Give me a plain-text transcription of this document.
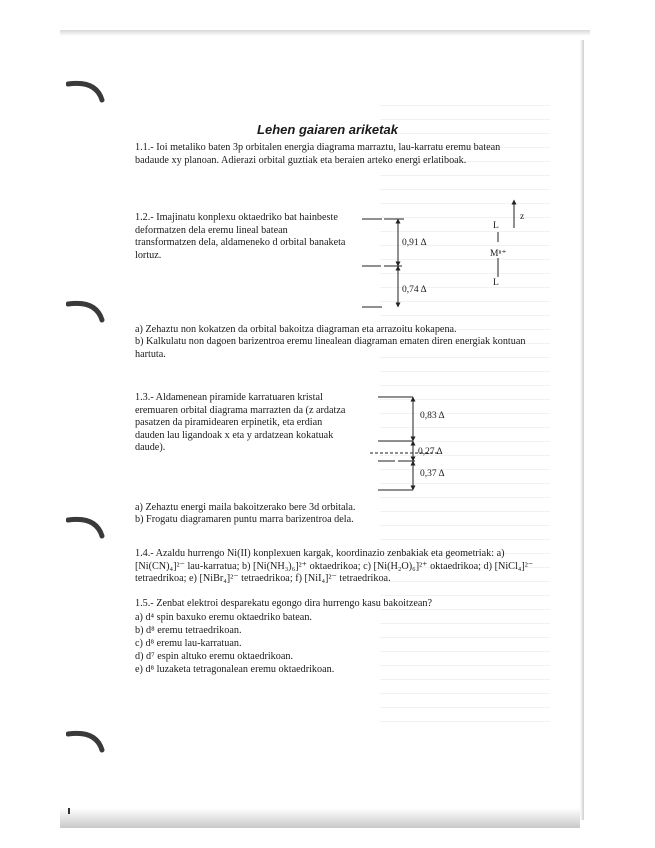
Lehen gaiaren ariketak

1.1.- Ioi metaliko baten 3p orbitalen energia diagrama marraztu, lau-karratu eremu batean badaude xy planoan. Adierazi orbital guztiak eta beraien arteko energi erlatiboak.

1.2.- Imajinatu konplexu oktaedriko bat hainbeste deformatzen dela eremu lineal batean transformatzen dela, aldameneko d orbital banaketa lortuz.

0,91 Δ
0,74 Δ
z
L
Mⁿ⁺
L

a) Zehaztu non kokatzen da orbital bakoitza diagraman eta arrazoitu kokapena.

b) Kalkulatu non dagoen barizentroa eremu linealean diagraman ematen diren energiak kontuan hartuta.

1.3.- Aldamenean piramide karratuaren kristal eremuaren orbital diagrama marrazten da (z ardatza pasatzen da piramidearen erpinetik, eta erdian dauden lau ligandoak x eta y ardatzean kokatuak daude).

0,83 Δ
0,27 Δ
0,37 Δ

a) Zehaztu energi maila bakoitzerako bere 3d orbitala.

b) Frogatu diagramaren puntu marra barizentroa dela.

1.4.- Azaldu hurrengo Ni(II) konplexuen kargak, koordinazio zenbakiak eta geometriak: a) [Ni(CN)₄]²⁻ lau-karratua; b) [Ni(NH₃)₆]²⁺ oktaedrikoa; c) [Ni(H₂O)₆]²⁺ oktaedrikoa; d) [NiCl₄]²⁻ tetraedrikoa; e) [NiBr₄]²⁻ tetraedrikoa; f) [NiI₄]²⁻ tetraedrikoa.

1.5.- Zenbat elektroi desparekatu egongo dira hurrengo kasu bakoitzean?

a) d⁴ spin baxuko eremu oktaedriko batean.
b) d⁸ eremu tetraedrikoan.
c) d⁸ eremu lau-karratuan.
d) d⁷ espin altuko eremu oktaedrikoan.
e) d⁸ luzaketa tetragonalean eremu oktaedrikoan.
